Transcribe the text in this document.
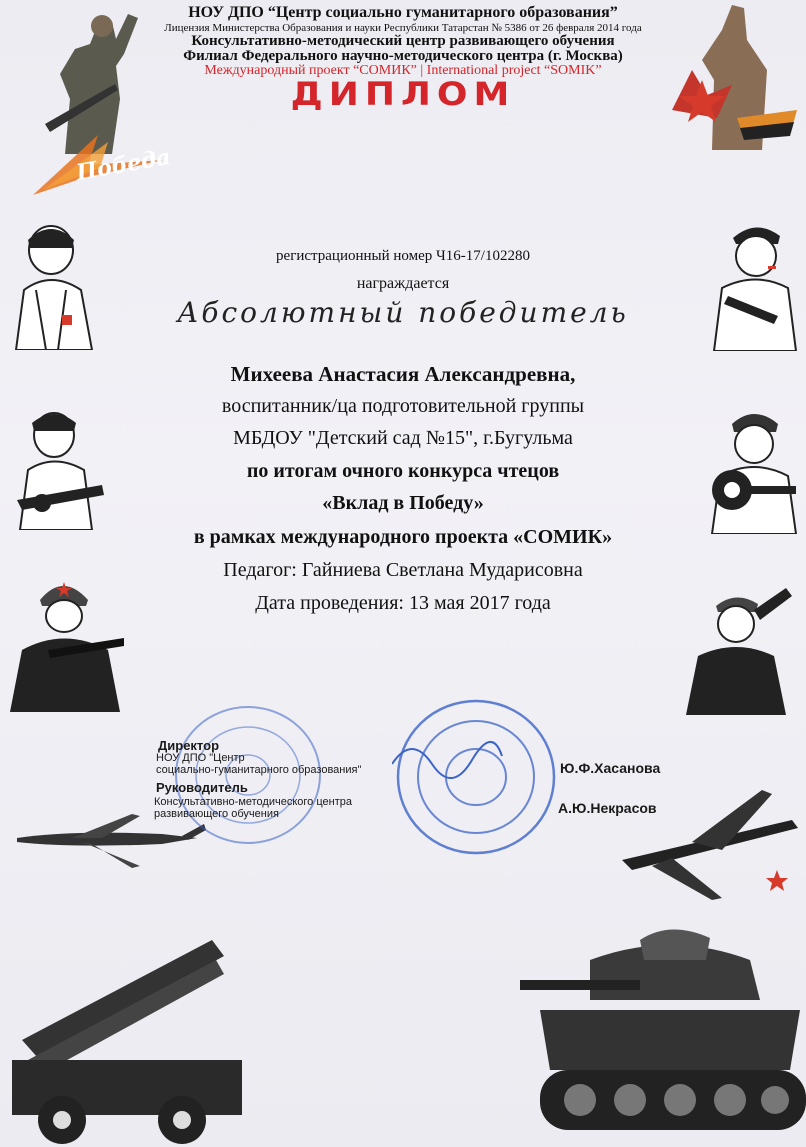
Победа
НОУ ДПО “Центр социально гуманитарного образования”
Лицензия Министерства Образования и науки Республики Татарстан № 5386 от 26 февраля 2014 года
Консультативно-методический центр развивающего обучения
Филиал Федерального научно-методического центра (г. Москва)
Международный проект “СОМИК” | International project “SOMIK”
ДИПЛОМ
регистрационный номер Ч16-17/102280
награждается
Абсолютный победитель
Михеева Анастасия Александревна,
воспитанник/ца подготовительной группы
МБДОУ "Детский сад №15", г.Бугульма
по итогам очного конкурса чтецов
«Вклад в Победу»
в рамках международного проекта «СОМИК»
Педагог: Гайниева Светлана Мударисовна
Дата проведения: 13 мая 2017 года
Директор
НОУ ДПО "Центр
социально-гуманитарного образования"	Ю.Ф.Хасанова
Руководитель
Консультативно-методического центра
развивающего обучения	А.Ю.Некрасов
